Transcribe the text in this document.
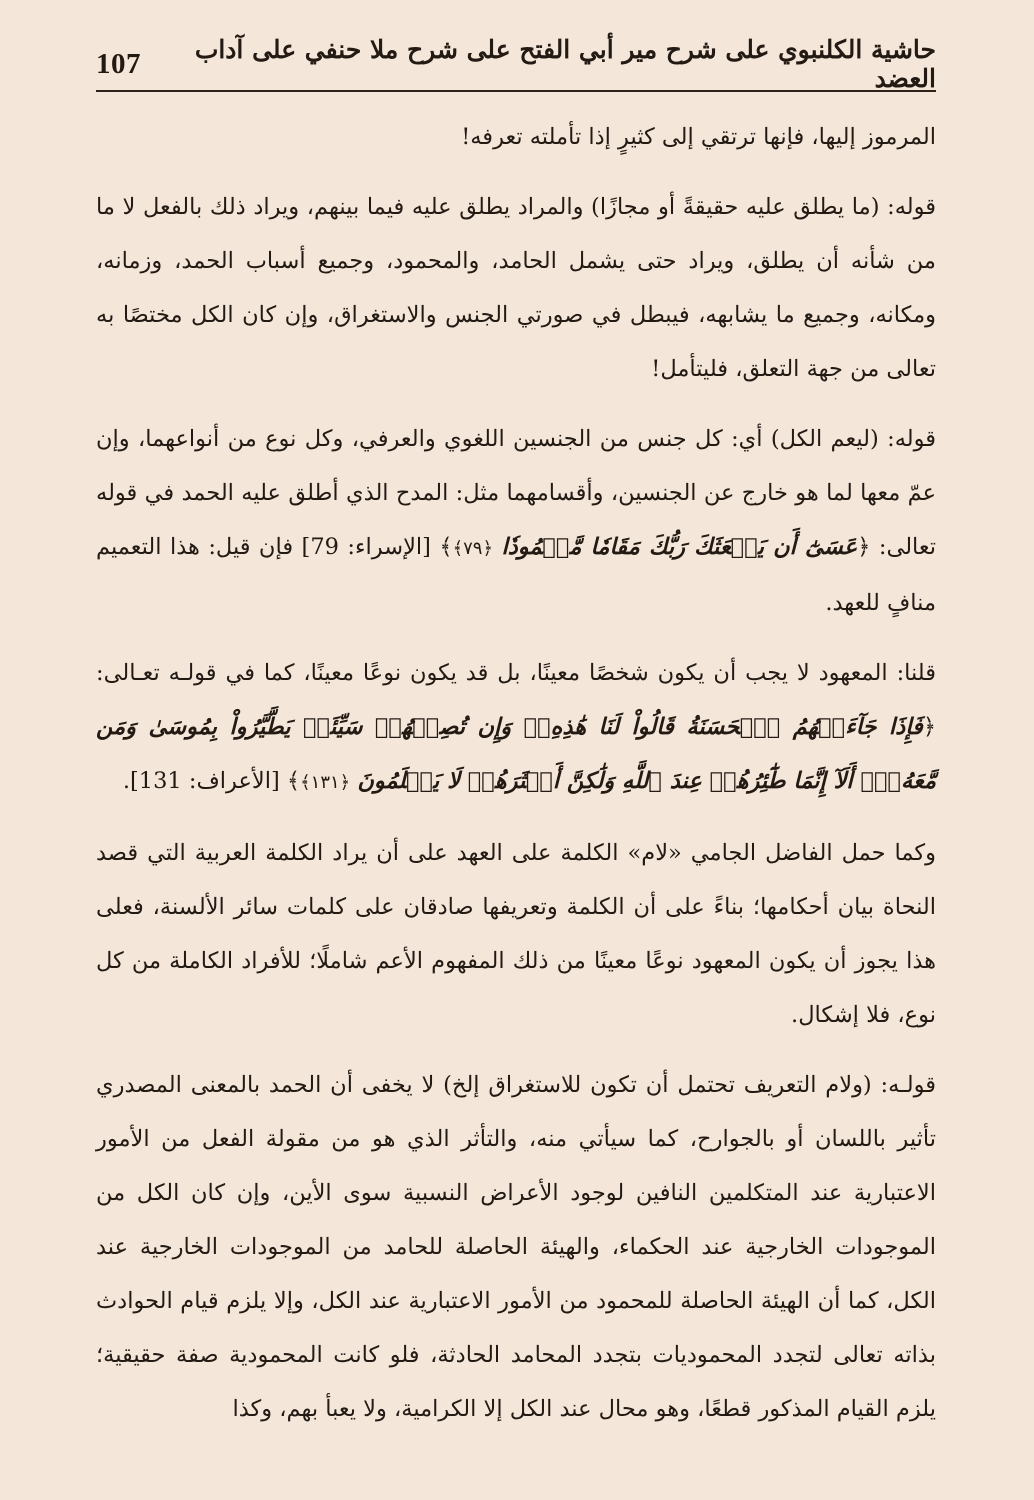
107	حاشية الكلنبوي على شرح مير أبي الفتح على شرح ملا حنفي على آداب العضد

المرموز إليها، فإنها ترتقي إلى كثيرٍ إذا تأملته تعرفه!

قوله: (ما يطلق عليه حقيقةً أو مجازًا) والمراد يطلق عليه فيما بينهم، ويراد ذلك بالفعل لا ما من شأنه أن يطلق، ويراد حتى يشمل الحامد، والمحمود، وجميع أسباب الحمد، وزمانه، ومكانه، وجميع ما يشابهه، فيبطل في صورتي الجنس والاستغراق، وإن كان الكل مختصًا به تعالى من جهة التعلق، فليتأمل!

قوله: (ليعم الكل) أي: كل جنس من الجنسين اللغوي والعرفي، وكل نوع من أنواعهما، وإن عمّ معها لما هو خارج عن الجنسين، وأقسامهما مثل: المدح الذي أطلق عليه الحمد في قوله تعالى: ﴿عَسَىٰٓ أَن يَبۡعَثَكَ رَبُّكَ مَقَامٗا مَّحۡمُودٗا ﴿٧٩﴾﴾ [الإسراء: 79] فإن قيل: هذا التعميم منافٍ للعهد.

قلنا: المعهود لا يجب أن يكون شخصًا معينًا، بل قد يكون نوعًا معينًا، كما في قولـه تعـالى: ﴿فَإِذَا جَآءَتۡهُمُ ٱلۡحَسَنَةُ قَالُواْ لَنَا هَٰذِهِۦۖ وَإِن تُصِبۡهُمۡ سَيِّئَةٞ يَطَّيَّرُواْ بِمُوسَىٰ وَمَن مَّعَهُۥٓۗ أَلَآ إِنَّمَا طَٰٓئِرُهُمۡ عِندَ ٱللَّهِ وَلَٰكِنَّ أَكۡثَرَهُمۡ لَا يَعۡلَمُونَ ﴿١٣١﴾﴾ [الأعراف: 131].

وكما حمل الفاضل الجامي «لام» الكلمة على العهد على أن يراد الكلمة العربية التي قصد النحاة بيان أحكامها؛ بناءً على أن الكلمة وتعريفها صادقان على كلمات سائر الألسنة، فعلى هذا يجوز أن يكون المعهود نوعًا معينًا من ذلك المفهوم الأعم شاملًا؛ للأفراد الكاملة من كل نوع، فلا إشكال.

قولـه: (ولام التعريف تحتمل أن تكون للاستغراق إلخ) لا يخفى أن الحمد بالمعنى المصدري تأثير باللسان أو بالجوارح، كما سيأتي منه، والتأثر الذي هو من مقولة الفعل من الأمور الاعتبارية عند المتكلمين النافين لوجود الأعراض النسبية سوى الأين، وإن كان الكل من الموجودات الخارجية عند الحكماء، والهيئة الحاصلة للحامد من الموجودات الخارجية عند الكل، كما أن الهيئة الحاصلة للمحمود من الأمور الاعتبارية عند الكل، وإلا يلزم قيام الحوادث بذاته تعالى لتجدد المحموديات بتجدد المحامد الحادثة، فلو كانت المحمودية صفة حقيقية؛ يلزم القيام المذكور قطعًا، وهو محال عند الكل إلا الكرامية، ولا يعبأ بهم، وكذا
